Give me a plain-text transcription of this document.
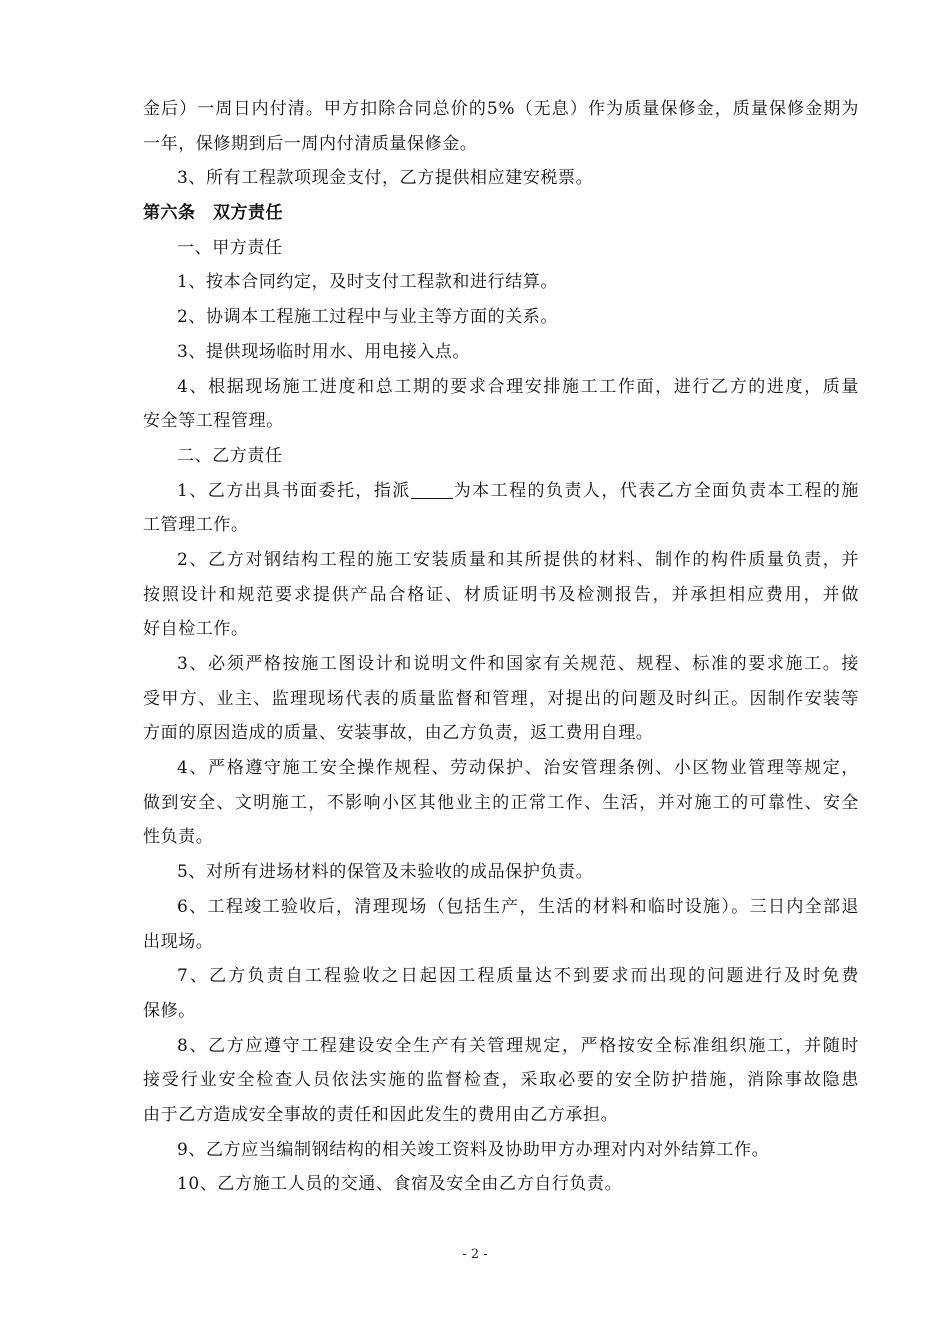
金后）一周日内付清。甲方扣除合同总价的5%（无息）作为质量保修金，质量保修金期为
一年，保修期到后一周内付清质量保修金。
3、所有工程款项现金支付，乙方提供相应建安税票。
第六条　双方责任
一、甲方责任
1、按本合同约定，及时支付工程款和进行结算。
2、协调本工程施工过程中与业主等方面的关系。
3、提供现场临时用水、用电接入点。
4、根据现场施工进度和总工期的要求合理安排施工工作面，进行乙方的进度，质量
安全等工程管理。
二、乙方责任
1、乙方出具书面委托，指派 为本工程的负责人，代表乙方全面负责本工程的施
工管理工作。
2、乙方对钢结构工程的施工安装质量和其所提供的材料、制作的构件质量负责，并
按照设计和规范要求提供产品合格证、材质证明书及检测报告，并承担相应费用，并做
好自检工作。
3、必须严格按施工图设计和说明文件和国家有关规范、规程、标准的要求施工。接
受甲方、业主、监理现场代表的质量监督和管理，对提出的问题及时纠正。因制作安装等
方面的原因造成的质量、安装事故，由乙方负责，返工费用自理。
4、严格遵守施工安全操作规程、劳动保护、治安管理条例、小区物业管理等规定，
做到安全、文明施工，不影响小区其他业主的正常工作、生活，并对施工的可靠性、安全
性负责。
5、对所有进场材料的保管及未验收的成品保护负责。
6、工程竣工验收后，清理现场（包括生产，生活的材料和临时设施）。三日内全部退
出现场。
7、乙方负责自工程验收之日起因工程质量达不到要求而出现的问题进行及时免费
保修。
8、乙方应遵守工程建设安全生产有关管理规定，严格按安全标准组织施工，并随时
接受行业安全检查人员依法实施的监督检查，采取必要的安全防护措施，消除事故隐患
由于乙方造成安全事故的责任和因此发生的费用由乙方承担。
9、乙方应当编制钢结构的相关竣工资料及协助甲方办理对内对外结算工作。
10、乙方施工人员的交通、食宿及安全由乙方自行负责。
- 2 -
